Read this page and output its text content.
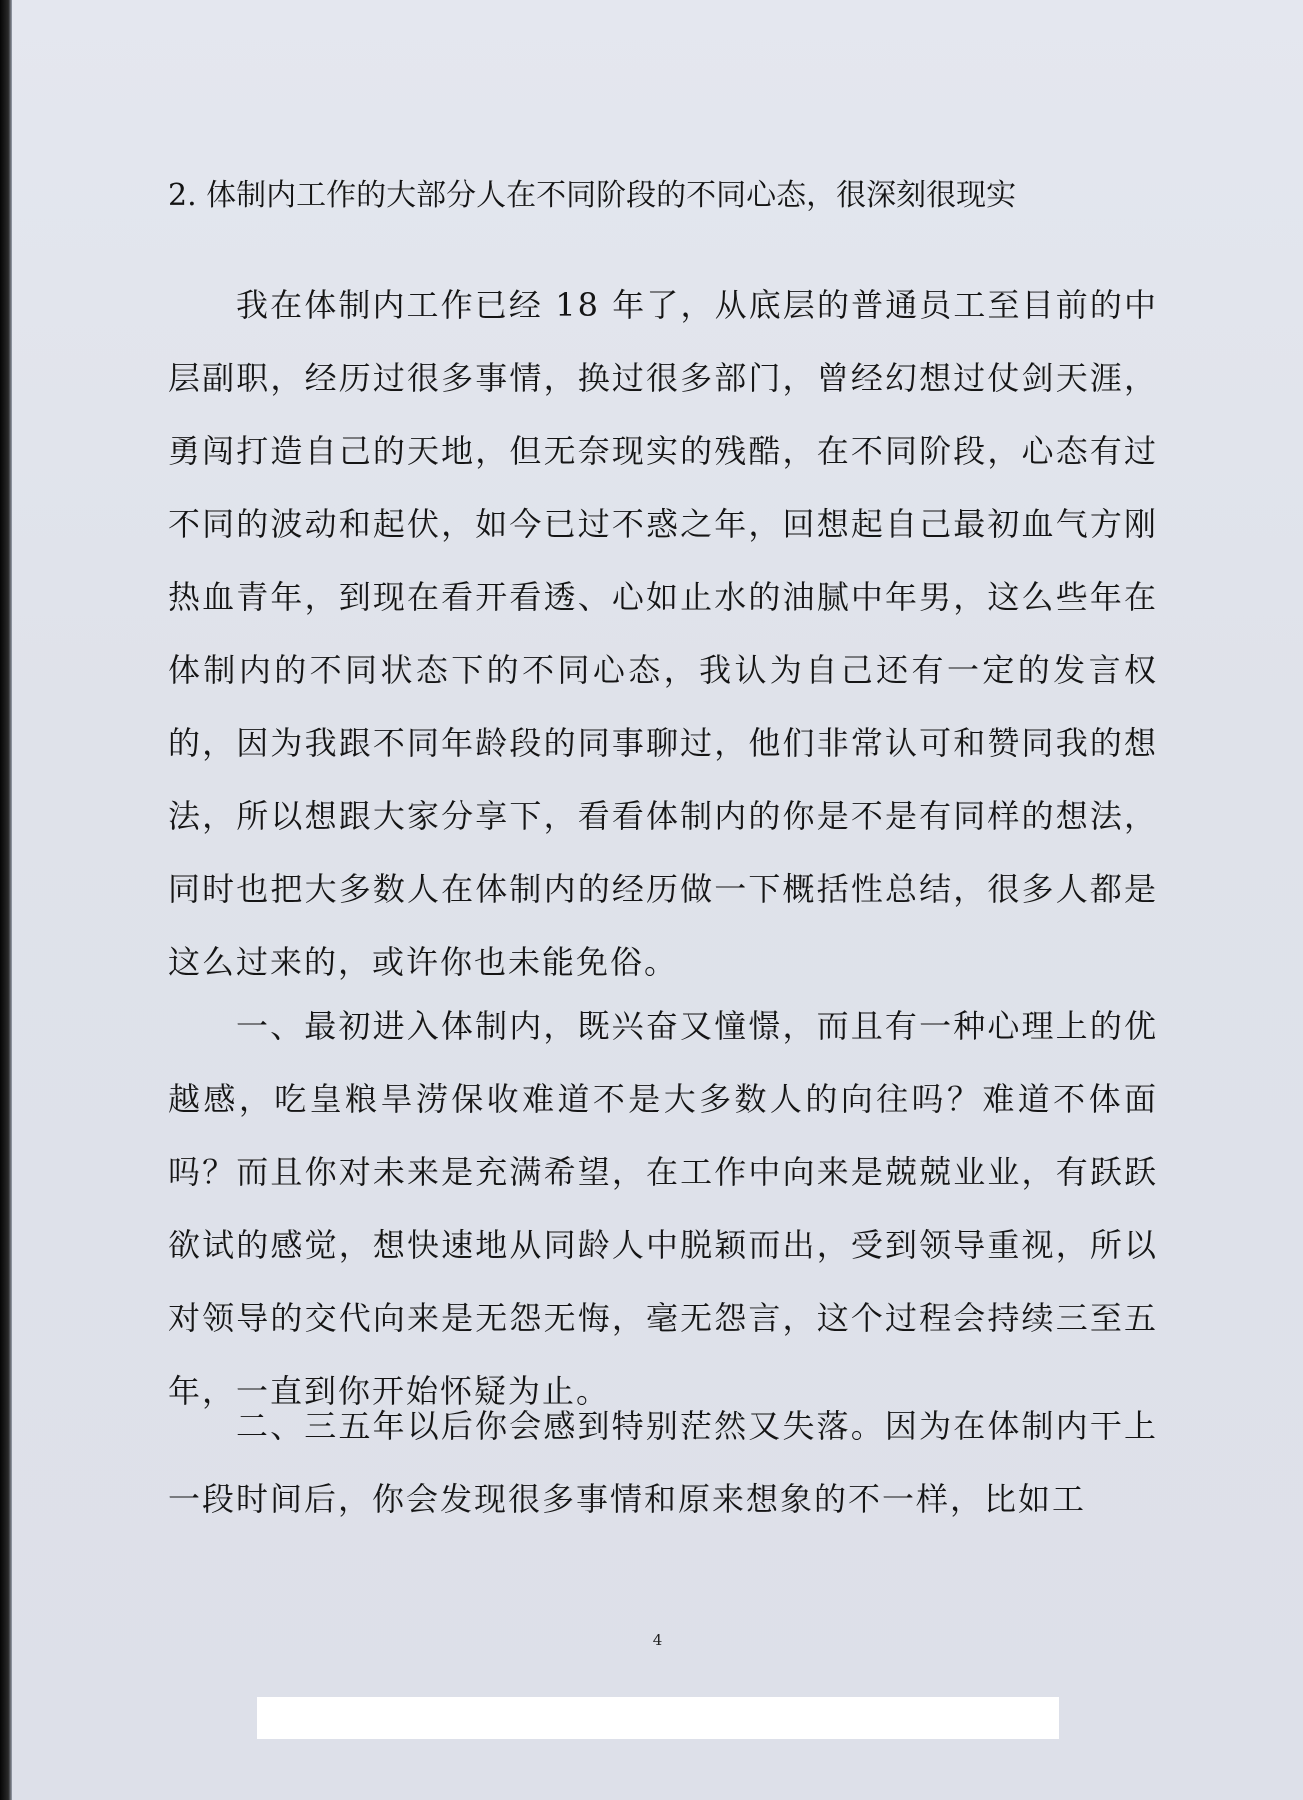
2. 体制内工作的大部分人在不同阶段的不同心态，很深刻很现实

我在体制内工作已经 18 年了，从底层的普通员工至目前的中层副职，经历过很多事情，换过很多部门，曾经幻想过仗剑天涯，勇闯打造自己的天地，但无奈现实的残酷，在不同阶段，心态有过不同的波动和起伏，如今已过不惑之年，回想起自己最初血气方刚热血青年，到现在看开看透、心如止水的油腻中年男，这么些年在体制内的不同状态下的不同心态，我认为自己还有一定的发言权的，因为我跟不同年龄段的同事聊过，他们非常认可和赞同我的想法，所以想跟大家分享下，看看体制内的你是不是有同样的想法，同时也把大多数人在体制内的经历做一下概括性总结，很多人都是这么过来的，或许你也未能免俗。

一、最初进入体制内，既兴奋又憧憬，而且有一种心理上的优越感，吃皇粮旱涝保收难道不是大多数人的向往吗？难道不体面吗？而且你对未来是充满希望，在工作中向来是兢兢业业，有跃跃欲试的感觉，想快速地从同龄人中脱颖而出，受到领导重视，所以对领导的交代向来是无怨无悔，毫无怨言，这个过程会持续三至五年，一直到你开始怀疑为止。

二、三五年以后你会感到特别茫然又失落。因为在体制内干上一段时间后，你会发现很多事情和原来想象的不一样，比如工

4
